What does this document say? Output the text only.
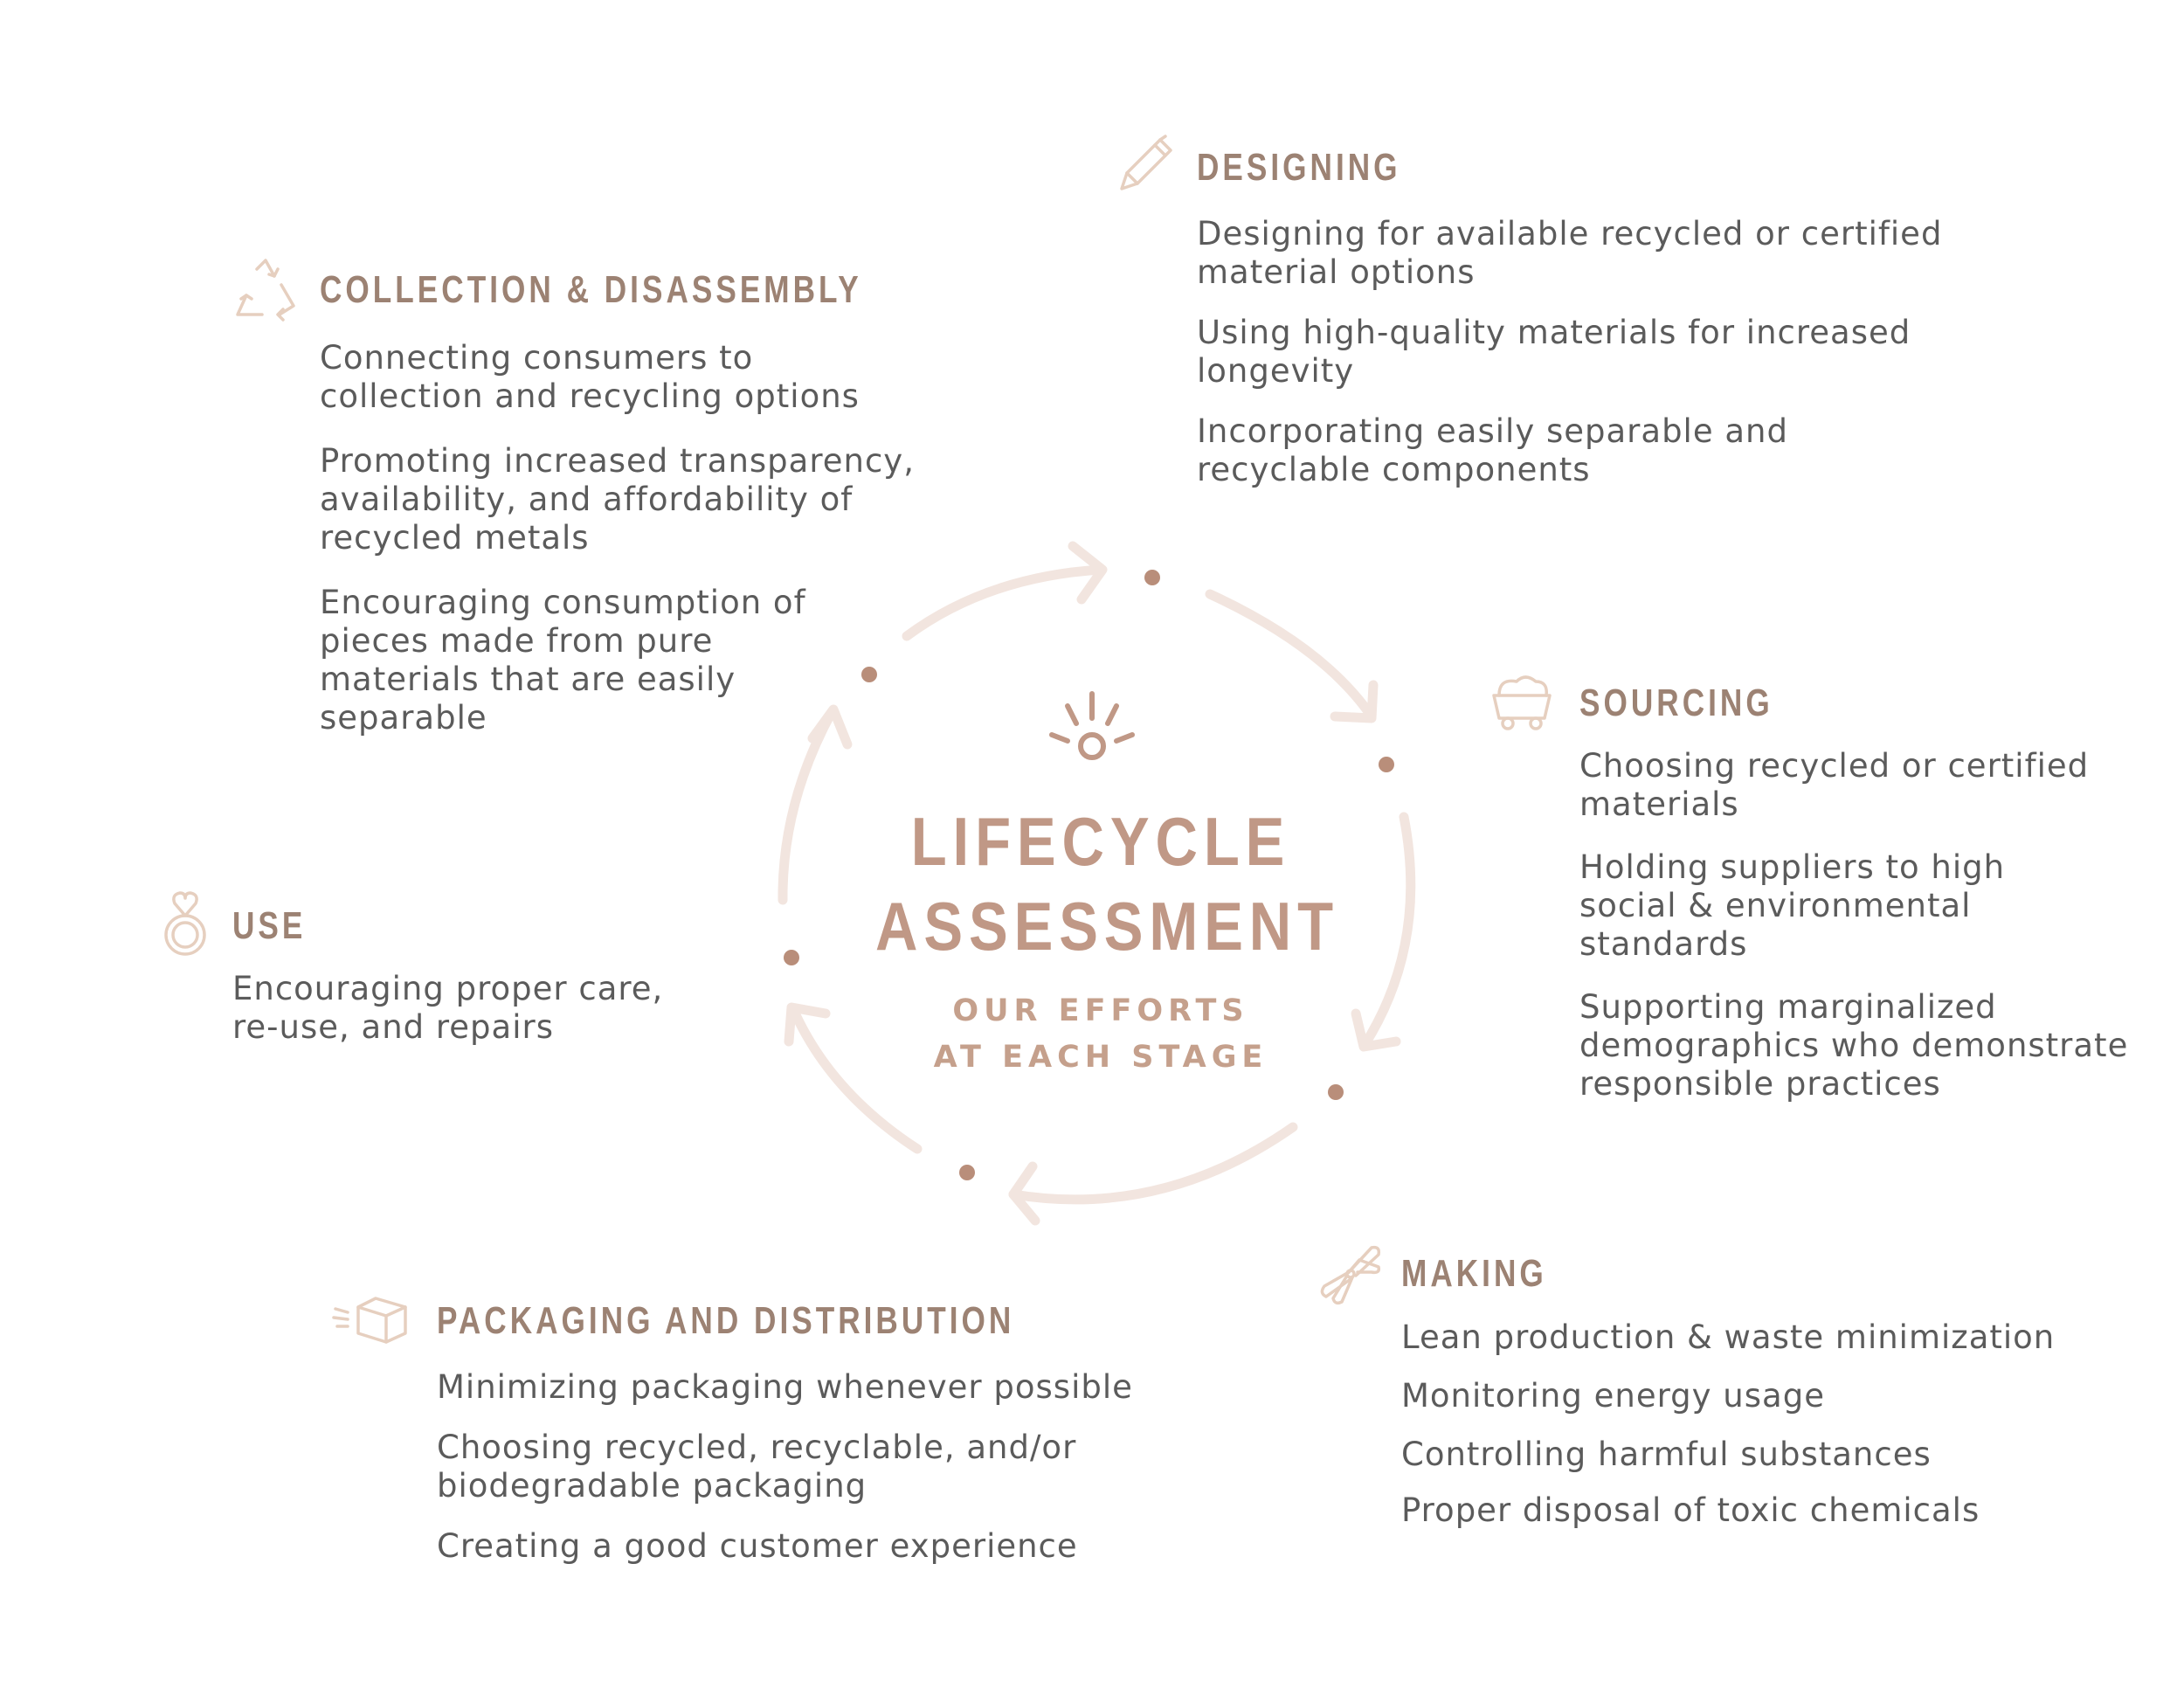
LIFECYCLE
ASSESSMENT
OUR EFFORTS
AT EACH STAGE
DESIGNING
Designing for available recycled or certified
material options
Using high-quality materials for increased
longevity
Incorporating easily separable and
recyclable components
COLLECTION & DISASSEMBLY
Connecting consumers to
collection and recycling options
Promoting increased transparency,
availability, and affordability of
recycled metals
Encouraging consumption of
pieces made from pure
materials that are easily
separable	SOURCING
Choosing recycled or certified
materials
Holding suppliers to high
social & environmental
standards
Supporting marginalized
demographics who demonstrate
responsible practices
USE
Encouraging proper care,
re-use, and repairs
MAKING
Lean production & waste minimization
Monitoring energy usage
Controlling harmful substances
Proper disposal of toxic chemicals
PACKAGING AND DISTRIBUTION
Minimizing packaging whenever possible
Choosing recycled, recyclable, and/or
biodegradable packaging
Creating a good customer experience
